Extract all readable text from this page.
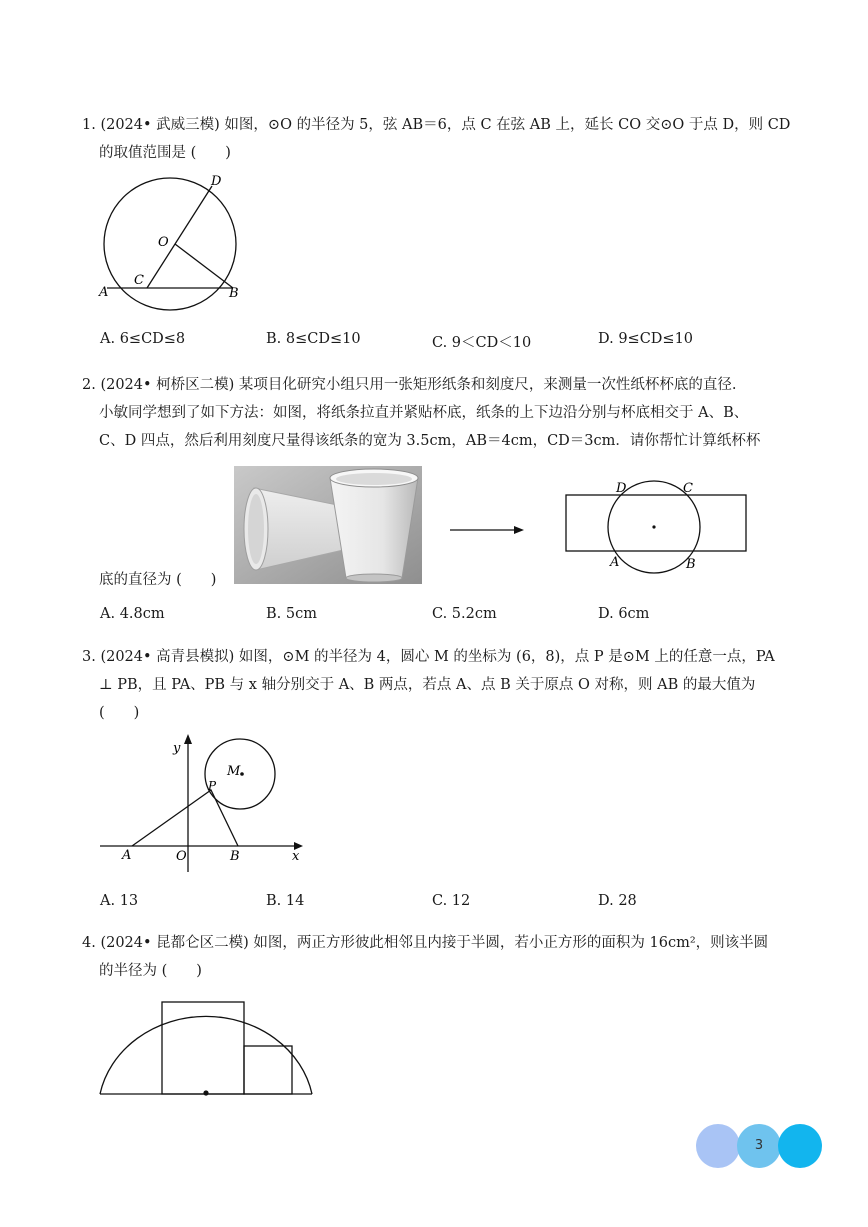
1. (2024• 武威三模) 如图，⊙O 的半径为 5，弦 AB＝6，点 C 在弦 AB 上，延长 CO 交⊙O 于点 D，则 CD
的取值范围是 (　　)
D
O
C
A	B
A. 6≤CD≤8	B. 8≤CD≤10	C. 9＜CD＜10	D. 9≤CD≤10
2. (2024• 柯桥区二模) 某项目化研究小组只用一张矩形纸条和刻度尺，来测量一次性纸杯杯底的直径.
小敏同学想到了如下方法：如图，将纸条拉直并紧贴杯底，纸条的上下边沿分别与杯底相交于 A、B、
C、D 四点，然后利用刻度尺量得该纸条的宽为 3.5cm，AB＝4cm，CD＝3cm．请你帮忙计算纸杯杯
D	C
A	B
底的直径为 (　　)
A. 4.8cm	B. 5cm	C. 5.2cm	D. 6cm
3. (2024• 高青县模拟) 如图，⊙M 的半径为 4，圆心 M 的坐标为 (6，8)，点 P 是⊙M 上的任意一点，PA
⊥ PB，且 PA、PB 与 x 轴分别交于 A、B 两点，若点 A、点 B 关于原点 O 对称，则 AB 的最大值为
(　　)
y
M
P
A	O	B	x
A. 13	B. 14	C. 12	D. 28
4. (2024• 昆都仑区二模) 如图，两正方形彼此相邻且内接于半圆，若小正方形的面积为 16cm²，则该半圆
的半径为 (　　)
3
